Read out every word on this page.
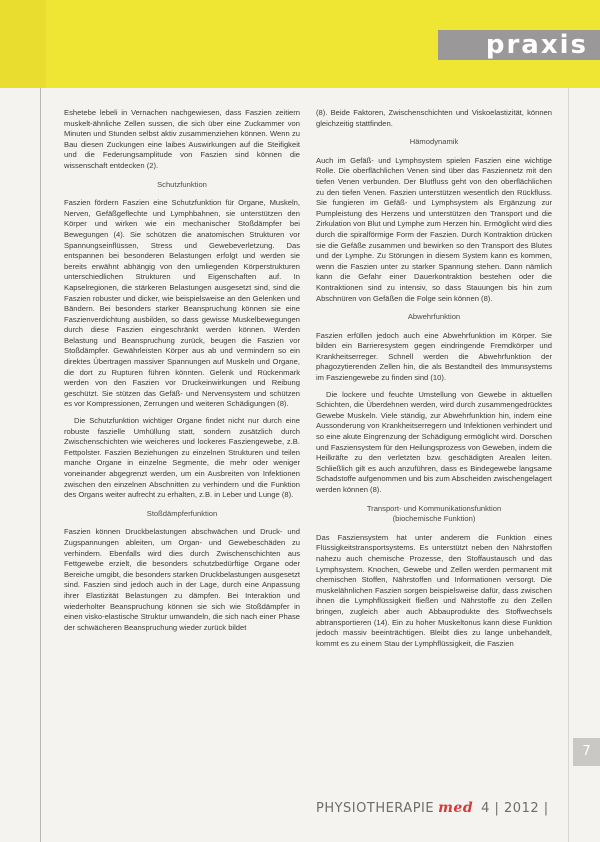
praxis

Eshetebe lebeli in Vernachen nachgewiesen, dass Faszien zeitiern muskelt-ähnliche Zellen sussen, die sich über eine Zuckammer von Minuten und Stunden selbst aktiv zusammenziehen können. Wenn zu Bau diesen Zuckungen eine laibes Auswirkungen auf die Steifigkeit und die Federungsamplitude von Faszien sind können die wissenschaft entdecken (2).

Schutzfunktion

Faszien fördern Faszien eine Schutzfunktion für Organe, Muskeln, Nerven, Gefäßgeflechte und Lymphbahnen, sie unterstützen den Körper und wirken wie ein mechanischer Stoßdämpfer bei Bewegungen (4). Sie schützen die anatomischen Strukturen vor Spannungseinflüssen, Stress und Gewebeverletzung. Das entspannen bei besonderen Belastungen erfolgt und werden sie bereits erwähnt abhängig von den umliegenden Körperstrukturen unterschiedlichen Strukturen und Eigenschaften auf. In Kapselregionen, die stärkeren Belastungen ausgesetzt sind, sind die Faszien robuster und dicker, wie beispielsweise an den Gelenken und Bändern. Bei besonders starker Beanspruchung können sie eine Faszienverdichtung ausbilden, so dass gewisse Muskelbewegungen durch diese Faszien eingeschränkt werden können. Werden Belastung und Beanspruchung zurück, beugen die Faszien vor Stoßdämpfer. Gewährleisten Körper aus ab und vermindern so ein direktes Übertragen massiver Spannungen auf Muskeln und Organe, die dort zu Rupturen führen könnten. Gelenk und Rückenmark werden von den Faszien vor Druckeinwirkungen und Reibung geschützt. Sie stützen das Gefäß- und Nervensystem und schützen es vor Kompressionen, Zerrungen und weiteren Schädigungen (8).

Die Schutzfunktion wichtiger Organe findet nicht nur durch eine robuste faszielle Umhüllung statt, sondern zusätzlich durch Zwischenschichten wie weicheres und lockeres Fasziengewebe, z.B. Fettpolster. Faszien Beziehungen zu einzelnen Strukturen und teilen manche Organe in einzelne Segmente, die mehr oder weniger voneinander abgegrenzt werden, um ein Ausbreiten von Infektionen zwischen den einzelnen Abschnitten zu verhindern und die Funktion des Organs weiter aufrecht zu erhalten, z.B. in Leber und Lunge (8).

Stoßdämpferfunktion

Faszien können Druckbelastungen abschwächen und Druck- und Zugspannungen ableiten, um Organ- und Gewebeschäden zu verhindern. Ebenfalls wird dies durch Zwischenschichten aus Fettgewebe erzielt, die besonders schutzbedürftige Organe oder Bereiche umgibt, die besonders starken Druckbelastungen ausgesetzt sind. Faszien sind jedoch auch in der Lage, durch eine Anpassung ihrer Elastizität Belastungen zu dämpfen. Bei Interaktion und wiederholter Beanspruchung können sie sich wie Stoßdämpfer in einen visko-elastische Struktur umwandeln, die sich nach einer Phase der schwächeren Beanspruchung wieder zurück bildet

(8). Beide Faktoren, Zwischenschichten und Viskoelastizität, können gleichzeitig stattfinden.

Hämodynamik

Auch im Gefäß- und Lymphsystem spielen Faszien eine wichtige Rolle. Die oberflächlichen Venen sind über das Fasziennetz mit den tiefen Venen verbunden. Der Blutfluss geht von den oberflächlichen zu den tiefen Venen. Faszien unterstützen wesentlich den Rückfluss. Sie fungieren im Gefäß- und Lymphsystem als Ergänzung zur Pumpleistung des Herzens und unterstützen den Transport und die Zirkulation von Blut und Lymphe zum Herzen hin. Ermöglicht wird dies durch die spiralförmige Form der Faszien. Durch Kontraktion drücken sie die Gefäße zusammen und bewirken so den Transport des Blutes und der Lymphe. Zu Störungen in diesem System kann es kommen, wenn die Faszien unter zu starker Spannung stehen. Dann nämlich kann die Gefahr einer Dauerkontraktion bestehen oder die Kontraktionen sind zu intensiv, so dass Stauungen bis hin zum Abschnüren von Gefäßen die Folge sein können (8).

Abwehrfunktion

Faszien erfüllen jedoch auch eine Abwehrfunktion im Körper. Sie bilden ein Barrieresystem gegen eindringende Fremdkörper und Krankheitserreger. Schnell werden die Abwehrfunktion der phagozytierenden Zellen hin, die als Bestandteil des Immunsystems im Fasziengewebe zu finden sind (10).

Die lockere und feuchte Umstellung von Gewebe in aktuellen Schichten, die Überdehnen werden, wird durch zusammengedrücktes Gewebe Muskeln. Viele ständig, zur Abwehrfunktion hin, indem eine Aussonderung von Krankheitserregern und Infektionen verhindert und so eine akute Eingrenzung der Schädigung ermöglicht wird. Dorschen und Fasziensystem für den Heilungsprozess von Geweben, indem die Heilkräfte zu den verletzten bzw. geschädigten Arealen leiten. Schließlich gilt es auch anzuführen, dass es Bindegewebe langsame Schadstoffe aufgenommen und bis zum Abscheiden zwischengelagert werden können (8).

Transport- und Kommunikationsfunktion
(biochemische Funktion)

Das Fasziensystem hat unter anderem die Funktion eines Flüssigkeitstransportsystems. Es unterstützt neben den Nährstoffen nahezu auch chemische Prozesse, den Stoffaustausch und das Lymphsystem. Knochen, Gewebe und Zellen werden permanent mit chemischen Stoffen, Nährstoffen und Informationen versorgt. Die muskelähnlichen Faszien sorgen beispielsweise dafür, dass zwischen ihnen die Lymphflüssigkeit fließen und Nährstoffe zu den Zellen bringen, zugleich aber auch Abbauprodukte des Stoffwechsels abtransportieren (14). Ein zu hoher Muskeltonus kann diese Funktion jedoch massiv beeinträchtigen. Bleibt dies zu lange unbehandelt, kommt es zu einem Stau der Lymphflüssigkeit, die Faszien

7
PHYSIOTHERAPIE med 4 | 2012 |
